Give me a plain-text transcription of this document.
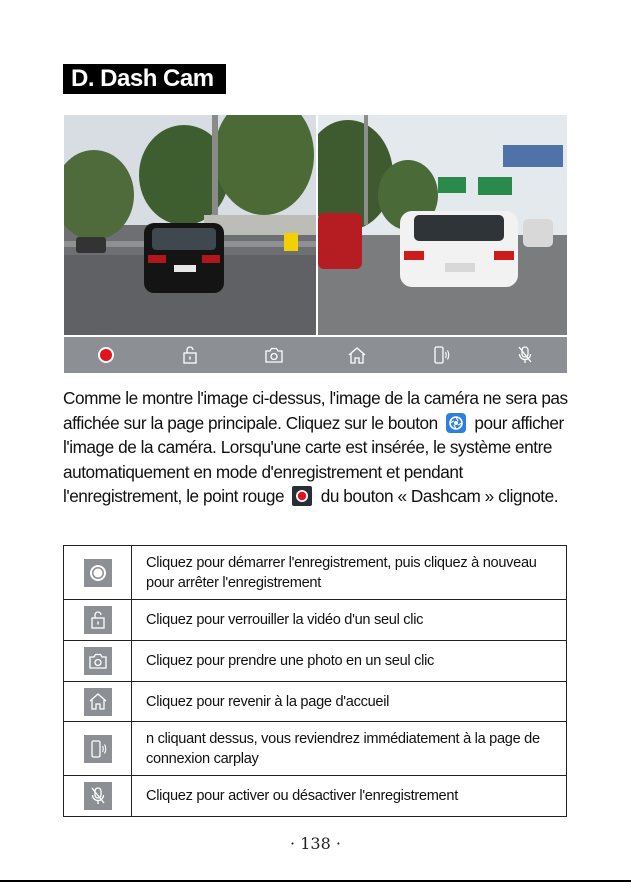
D. Dash Cam
Comme le montre l'image ci-dessus, l'image de la caméra ne sera pas affichée sur la page principale. Cliquez sur le bouton pour afficher l'image de la caméra. Lorsqu'une carte est insérée, le système entre automatiquement en mode d'enregistrement et pendant l'enregistrement, le point rouge du bouton « Dashcam » clignote.
	Cliquez pour démarrer l'enregistrement, puis cliquez à nouveau pour arrêter l'enregistrement

	Cliquez pour verrouiller la vidéo d'un seul clic

	Cliquez pour prendre une photo en un seul clic

	Cliquez pour revenir à la page d'accueil

	n cliquant dessus, vous reviendrez immédiatement à la page de connexion carplay

	Cliquez pour activer ou désactiver l'enregistrement
· 138 ·
